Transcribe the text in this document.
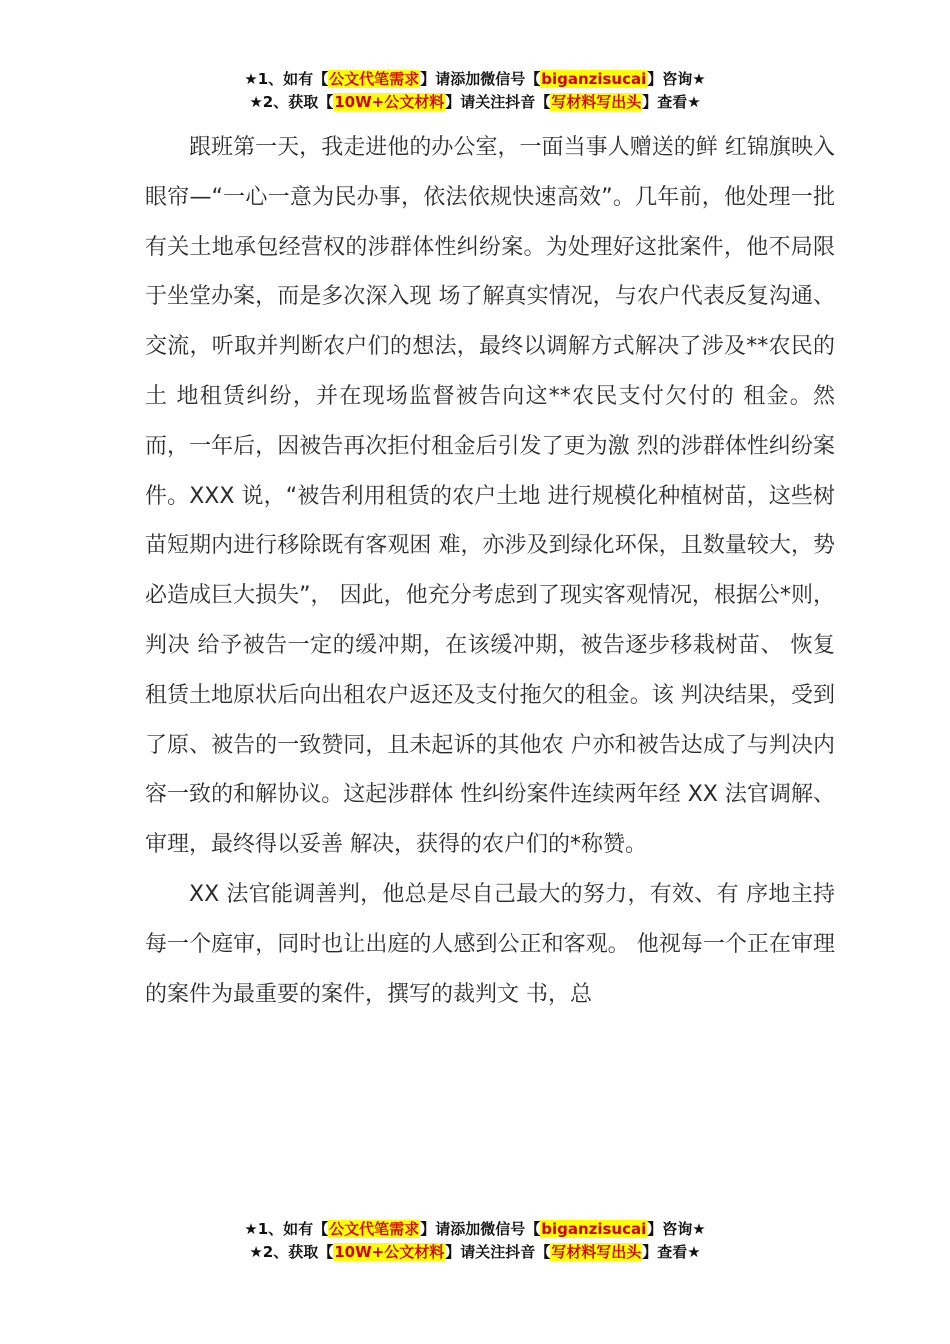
★1、如有【公文代笔需求】请添加微信号【biganzisucai】咨询★
★2、获取【10W+公文材料】请关注抖音【写材料写出头】查看★

跟班第一天，我走进他的办公室，一面当事人赠送的鲜 红锦旗映入眼帘—“一心一意为民办事，依法依规快速高效”。几年前，他处理一批有关土地承包经营权的涉群体性纠纷案。为处理好这批案件，他不局限于坐堂办案，而是多次深入现 场了解真实情况，与农户代表反复沟通、交流，听取并判断农户们的想法，最终以调解方式解决了涉及**农民的土 地租赁纠纷，并在现场监督被告向这**农民支付欠付的 租金。然而，一年后，因被告再次拒付租金后引发了更为激 烈的涉群体性纠纷案件。XXX 说，“被告利用租赁的农户土地 进行规模化种植树苗，这些树苗短期内进行移除既有客观困 难，亦涉及到绿化环保，且数量较大，势必造成巨大损失”， 因此，他充分考虑到了现实客观情况，根据公*则，判决 给予被告一定的缓冲期，在该缓冲期，被告逐步移栽树苗、 恢复租赁土地原状后向出租农户返还及支付拖欠的租金。该 判决结果，受到了原、被告的一致赞同，且未起诉的其他农 户亦和被告达成了与判决内容一致的和解协议。这起涉群体 性纠纷案件连续两年经 XX 法官调解、审理，最终得以妥善 解决，获得的农户们的*称赞。

XX 法官能调善判，他总是尽自己最大的努力，有效、有 序地主持每一个庭审，同时也让出庭的人感到公正和客观。 他视每一个正在审理的案件为最重要的案件，撰写的裁判文 书，总

★1、如有【公文代笔需求】请添加微信号【biganzisucai】咨询★
★2、获取【10W+公文材料】请关注抖音【写材料写出头】查看★
